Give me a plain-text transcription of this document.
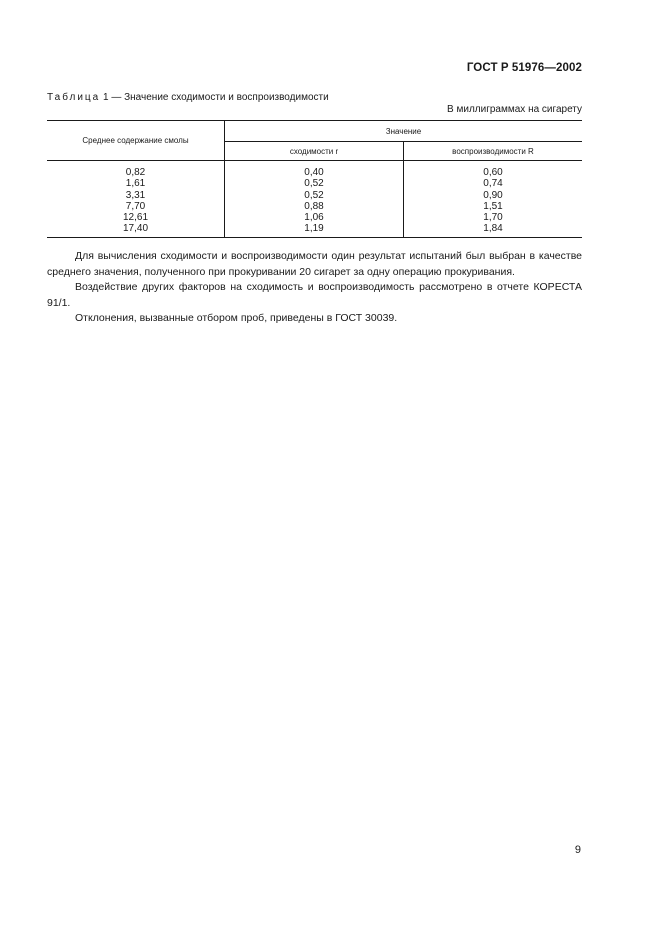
ГОСТ Р 51976—2002
Таблица 1 — Значение сходимости и воспроизводимости
В миллиграммах на сигарету
Среднее содержание смолы	Значение	
	сходимости r	воспроизводимости R
0,82	0,40	0,60
1,61	0,52	0,74
3,31	0,52	0,90
7,70	0,88	1,51
12,61	1,06	1,70
17,40	1,19	1,84

Для вычисления сходимости и воспроизводимости один результат испытаний был выбран в качестве среднего значения, полученного при прокуривании 20 сигарет за одну операцию прокуривания.

Воздействие других факторов на сходимость и воспроизводимость рассмотрено в отчете КОРЕСТА 91/1.

Отклонения, вызванные отбором проб, приведены в ГОСТ 30039.

9
